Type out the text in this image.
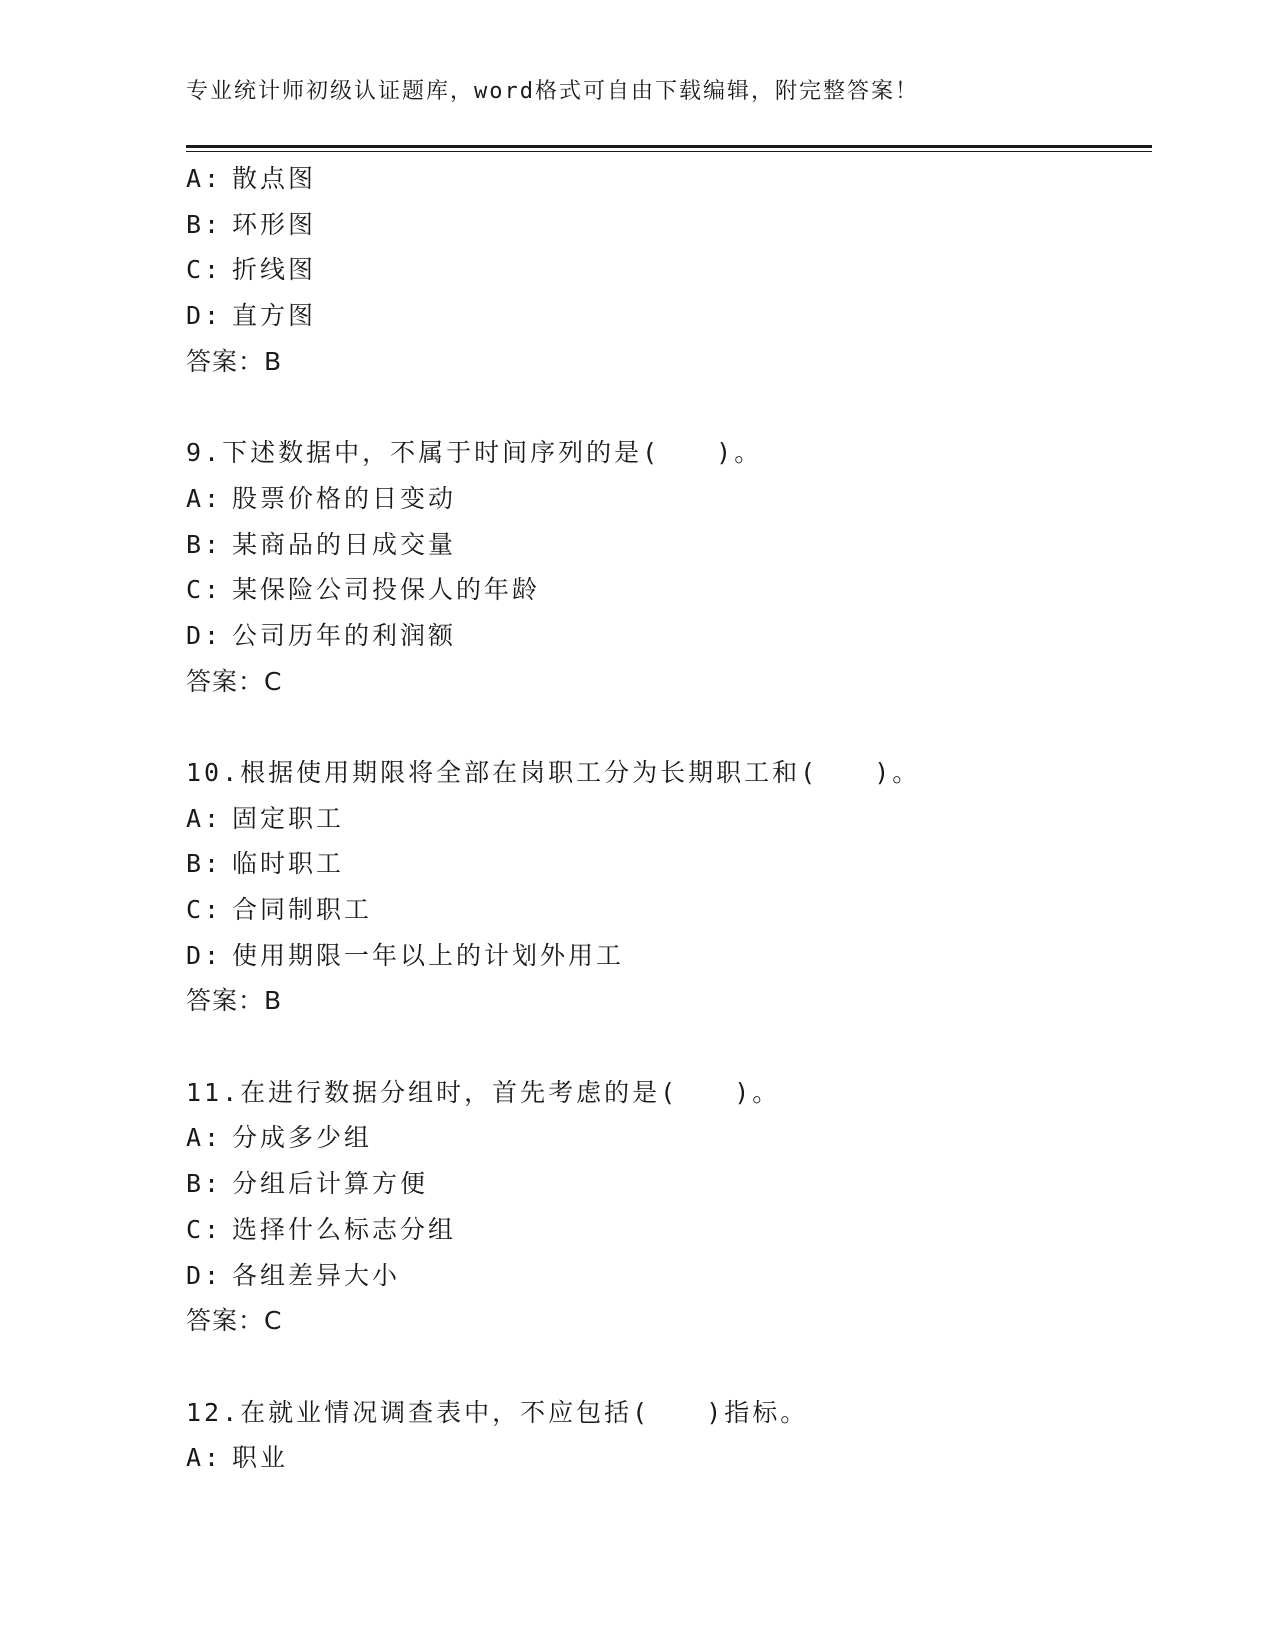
专业统计师初级认证题库，word格式可自由下载编辑，附完整答案！
A: 散点图
B: 环形图
C: 折线图
D: 直方图
答案：B
9.下述数据中，不属于时间序列的是(　　)。
A: 股票价格的日变动
B: 某商品的日成交量
C: 某保险公司投保人的年龄
D: 公司历年的利润额
答案：C
10.根据使用期限将全部在岗职工分为长期职工和(　　)。
A: 固定职工
B: 临时职工
C: 合同制职工
D: 使用期限一年以上的计划外用工
答案：B
11.在进行数据分组时，首先考虑的是(　　)。
A: 分成多少组
B: 分组后计算方便
C: 选择什么标志分组
D: 各组差异大小
答案：C
12.在就业情况调查表中，不应包括(　　)指标。
A: 职业
